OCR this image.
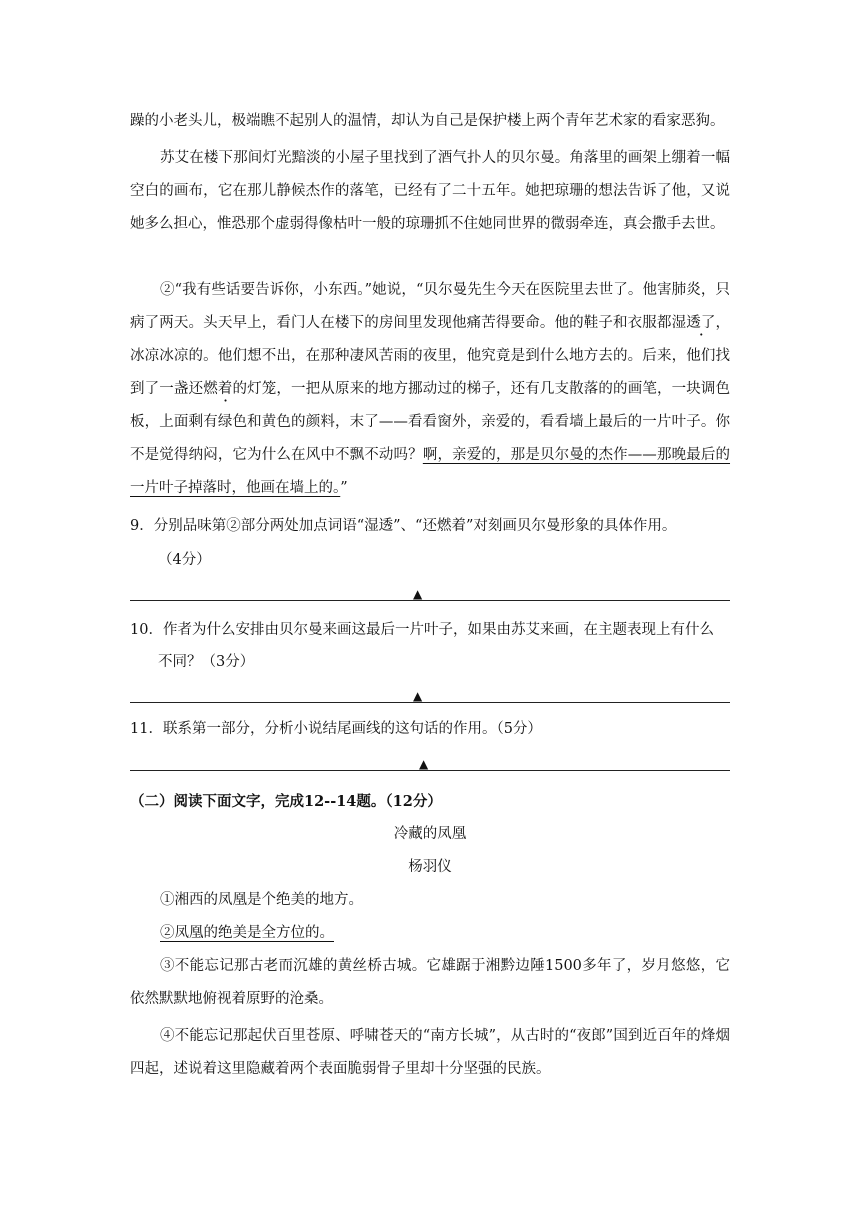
躁的小老头儿，极端瞧不起别人的温情，却认为自己是保护楼上两个青年艺术家的看家恶狗。
苏艾在楼下那间灯光黯淡的小屋子里找到了酒气扑人的贝尔曼。角落里的画架上绷着一幅空白的画布，它在那儿静候杰作的落笔，已经有了二十五年。她把琼珊的想法告诉了他，又说她多么担心，惟恐那个虚弱得像枯叶一般的琼珊抓不住她同世界的微弱牵连，真会撒手去世。
②“我有些话要告诉你，小东西。”她说，“贝尔曼先生今天在医院里去世了。他害肺炎，只病了两天。头天早上，看门人在楼下的房间里发现他痛苦得要命。他的鞋子和衣服都湿透了，冰凉冰凉的。他们想不出，在那种凄风苦雨的夜里，他究竟是到什么地方去的。后来，他们找到了一盏还燃着的灯笼，一把从原来的地方挪动过的梯子，还有几支散落的的画笔，一块调色板，上面剩有绿色和黄色的颜料，末了——看看窗外，亲爱的，看看墙上最后的一片叶子。你不是觉得纳闷，它为什么在风中不飘不动吗？啊，亲爱的，那是贝尔曼的杰作——那晚最后的一片叶子掉落时，他画在墙上的。”
9．分别品味第②部分两处加点词语“湿透”、“还燃着”对刻画贝尔曼形象的具体作用。
（4分）
▲
10．作者为什么安排由贝尔曼来画这最后一片叶子，如果由苏艾来画，在主题表现上有什么
不同？（3分）
▲
11．联系第一部分，分析小说结尾画线的这句话的作用。（5分）
▲
（二）阅读下面文字，完成12--14题。（12分）
冷藏的凤凰
杨羽仪
①湘西的凤凰是个绝美的地方。
②凤凰的绝美是全方位的。
③不能忘记那古老而沉雄的黄丝桥古城。它雄踞于湘黔边陲1500多年了，岁月悠悠，它依然默默地俯视着原野的沧桑。
④不能忘记那起伏百里苍原、呼啸苍天的“南方长城”，从古时的“夜郎”国到近百年的烽烟四起，述说着这里隐藏着两个表面脆弱骨子里却十分坚强的民族。
